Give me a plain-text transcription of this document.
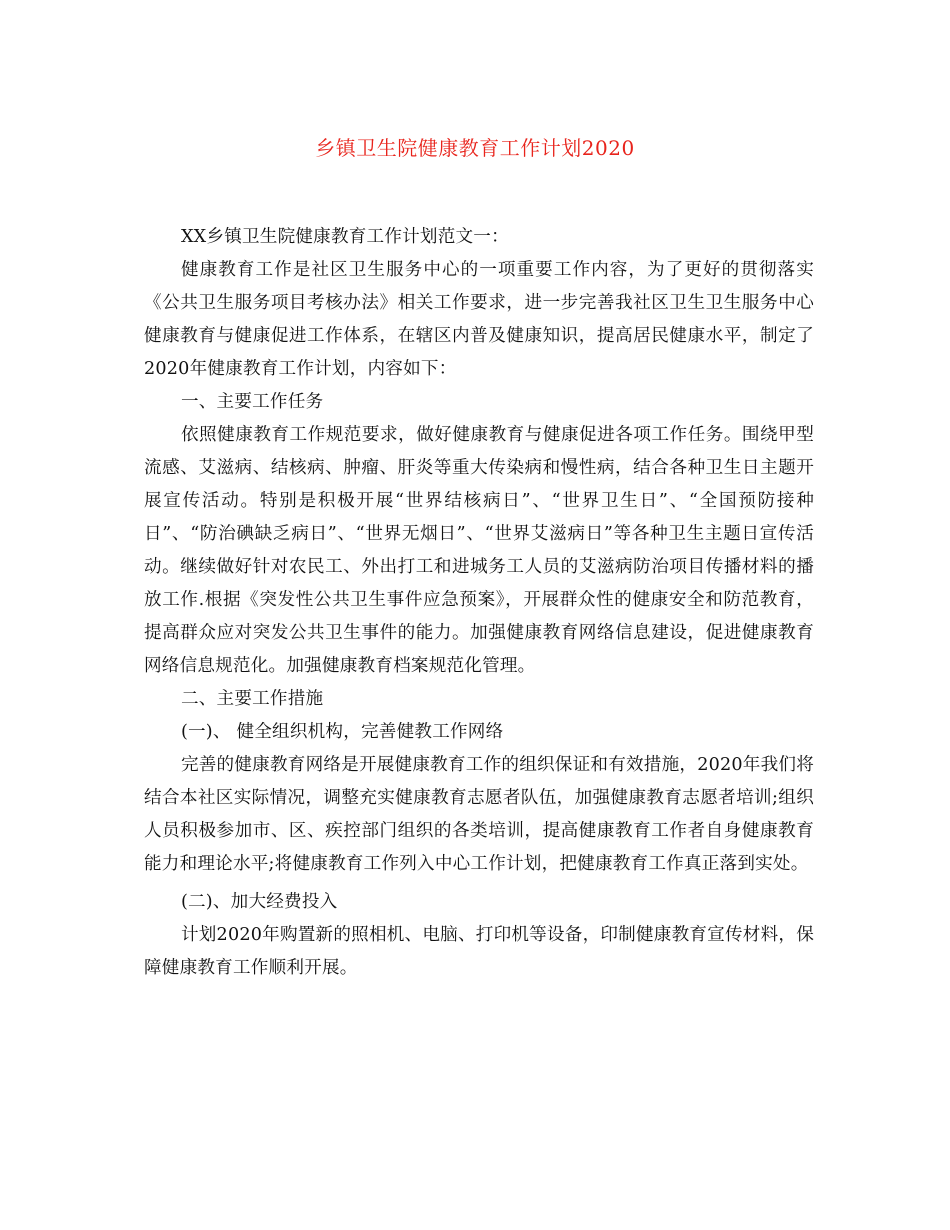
乡镇卫生院健康教育工作计划2020

XX乡镇卫生院健康教育工作计划范文一：

健康教育工作是社区卫生服务中心的一项重要工作内容，为了更好的贯彻落实《公共卫生服务项目考核办法》相关工作要求，进一步完善我社区卫生卫生服务中心健康教育与健康促进工作体系，在辖区内普及健康知识，提高居民健康水平，制定了2020年健康教育工作计划，内容如下：

一、主要工作任务

依照健康教育工作规范要求，做好健康教育与健康促进各项工作任务。围绕甲型流感、艾滋病、结核病、肿瘤、肝炎等重大传染病和慢性病，结合各种卫生日主题开展宣传活动。特别是积极开展“世界结核病日”、“世界卫生日”、“全国预防接种日”、“防治碘缺乏病日”、“世界无烟日”、“世界艾滋病日”等各种卫生主题日宣传活动。继续做好针对农民工、外出打工和进城务工人员的艾滋病防治项目传播材料的播放工作.根据《突发性公共卫生事件应急预案》，开展群众性的健康安全和防范教育，提高群众应对突发公共卫生事件的能力。加强健康教育网络信息建设，促进健康教育网络信息规范化。加强健康教育档案规范化管理。

二、主要工作措施

(一)、 健全组织机构，完善健教工作网络

完善的健康教育网络是开展健康教育工作的组织保证和有效措施，2020年我们将结合本社区实际情况，调整充实健康教育志愿者队伍，加强健康教育志愿者培训;组织人员积极参加市、区、疾控部门组织的各类培训，提高健康教育工作者自身健康教育能力和理论水平;将健康教育工作列入中心工作计划，把健康教育工作真正落到实处。

(二)、加大经费投入

计划2020年购置新的照相机、电脑、打印机等设备，印制健康教育宣传材料，保障健康教育工作顺利开展。
